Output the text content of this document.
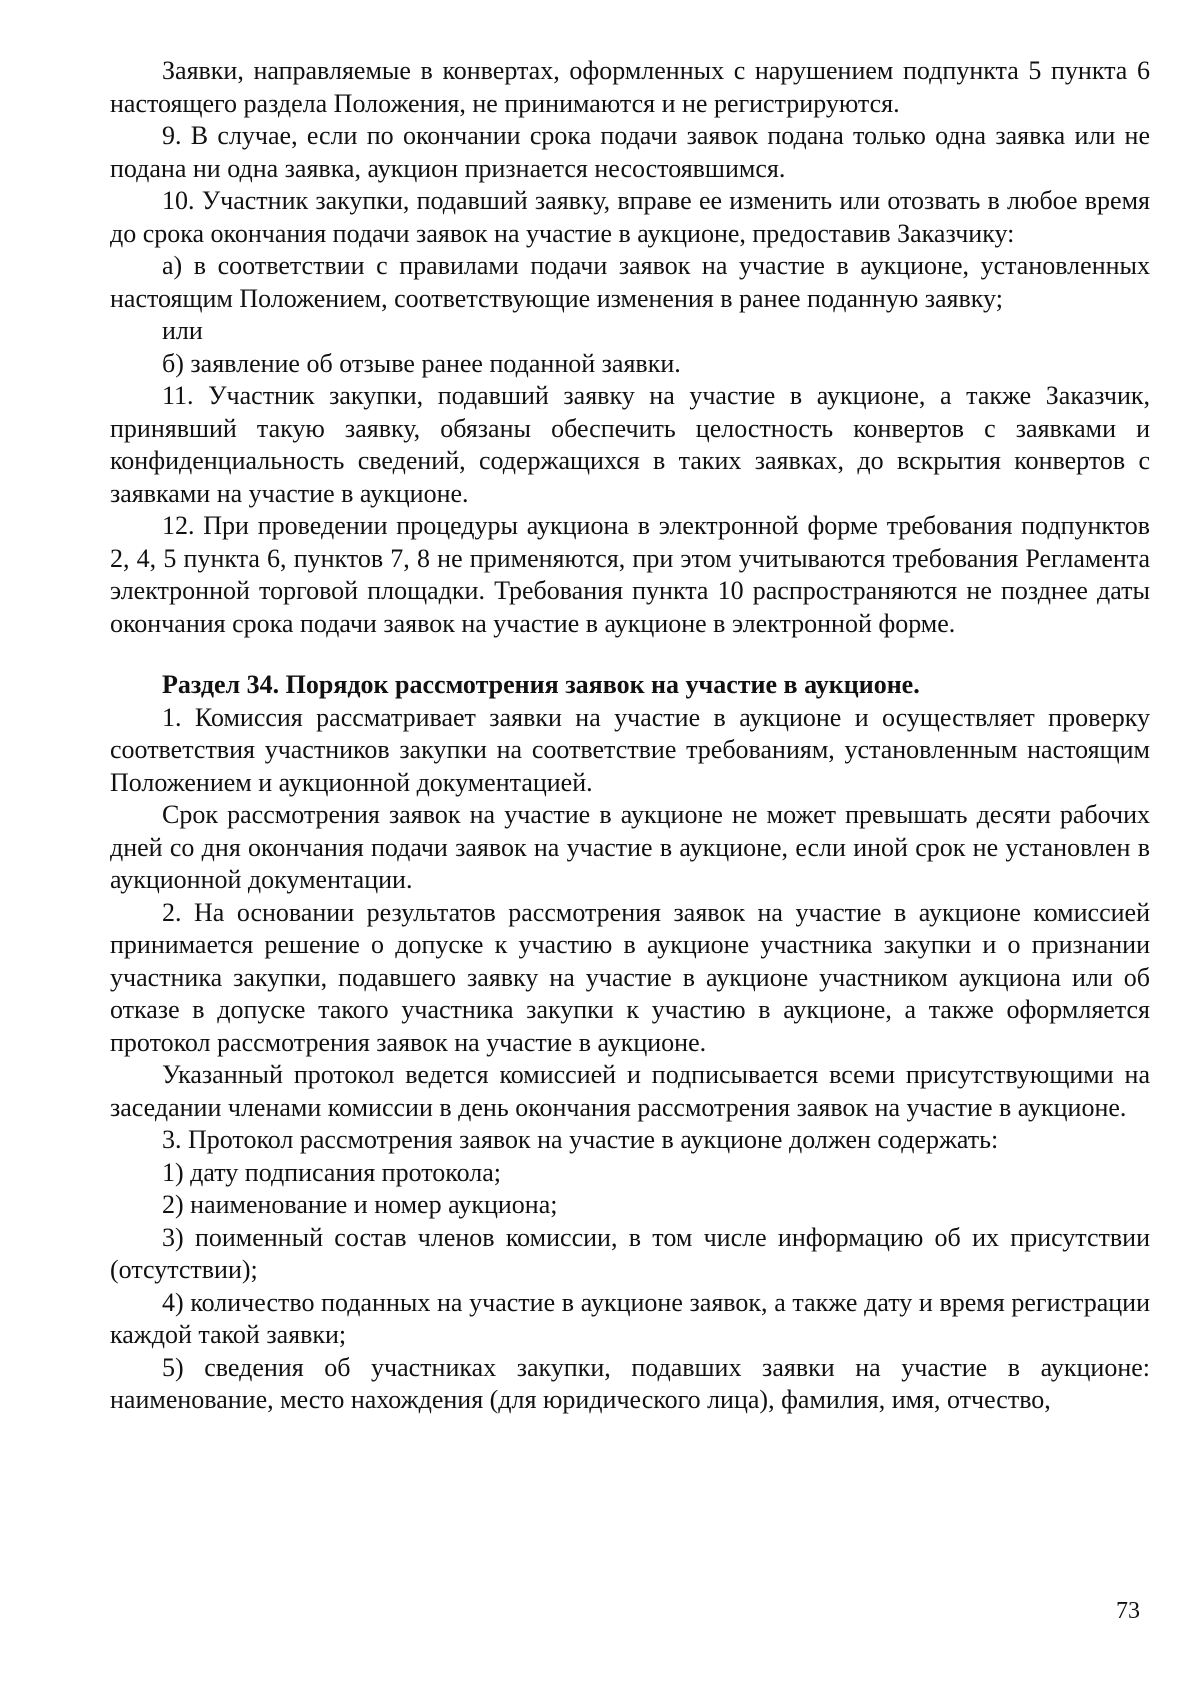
Заявки, направляемые в конвертах, оформленных с нарушением подпункта 5 пункта 6 настоящего раздела Положения, не принимаются и не регистрируются.

9. В случае, если по окончании срока подачи заявок подана только одна заявка или не подана ни одна заявка, аукцион признается несостоявшимся.

10. Участник закупки, подавший заявку, вправе ее изменить или отозвать в любое время до срока окончания подачи заявок на участие в аукционе, предоставив Заказчику:

а) в соответствии с правилами подачи заявок на участие в аукционе, установленных настоящим Положением, соответствующие изменения в ранее поданную заявку;

или

б) заявление об отзыве ранее поданной заявки.

11. Участник закупки, подавший заявку на участие в аукционе, а также Заказчик, принявший такую заявку, обязаны обеспечить целостность конвертов с заявками и конфиденциальность сведений, содержащихся в таких заявках, до вскрытия конвертов с заявками на участие в аукционе.

12. При проведении процедуры аукциона в электронной форме требования подпунктов 2, 4, 5 пункта 6, пунктов 7, 8 не применяются, при этом учитываются требования Регламента электронной торговой площадки. Требования пункта 10 распространяются не позднее даты окончания срока подачи заявок на участие в аукционе в электронной форме.

Раздел 34. Порядок рассмотрения заявок на участие в аукционе.

1. Комиссия рассматривает заявки на участие в аукционе и осуществляет проверку соответствия участников закупки на соответствие требованиям, установленным настоящим Положением и аукционной документацией.

Срок рассмотрения заявок на участие в аукционе не может превышать десяти рабочих дней со дня окончания подачи заявок на участие в аукционе, если иной срок не установлен в аукционной документации.

2. На основании результатов рассмотрения заявок на участие в аукционе комиссией принимается решение о допуске к участию в аукционе участника закупки и о признании участника закупки, подавшего заявку на участие в аукционе участником аукциона или об отказе в допуске такого участника закупки к участию в аукционе, а также оформляется протокол рассмотрения заявок на участие в аукционе.

Указанный протокол ведется комиссией и подписывается всеми присутствующими на заседании членами комиссии в день окончания рассмотрения заявок на участие в аукционе.

3. Протокол рассмотрения заявок на участие в аукционе должен содержать:

1) дату подписания протокола;

2) наименование и номер аукциона;

3) поименный состав членов комиссии, в том числе информацию об их присутствии (отсутствии);

4) количество поданных на участие в аукционе заявок, а также дату и время регистрации каждой такой заявки;

5) сведения об участниках закупки, подавших заявки на участие в аукционе: наименование, место нахождения (для юридического лица), фамилия, имя, отчество,

73
